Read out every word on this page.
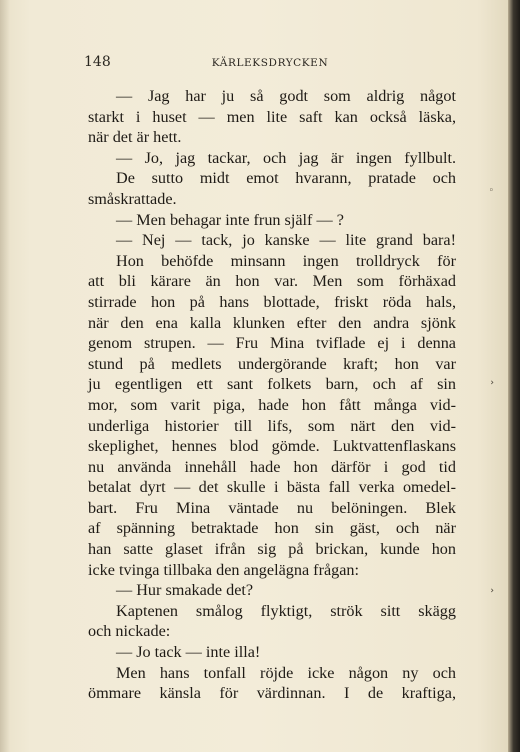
148	KÄRLEKSDRYCKEN
— Jag har ju så godt som aldrig något
starkt i huset — men lite saft kan också läska,
när det är hett.
— Jo, jag tackar, och jag är ingen fyllbult.
De sutto midt emot hvarann, pratade och
småskrattade.
— Men behagar inte frun själf — ?
— Nej — tack, jo kanske — lite grand bara!
Hon behöfde minsann ingen trolldryck för
att bli kärare än hon var. Men som förhäxad
stirrade hon på hans blottade, friskt röda hals,
när den ena kalla klunken efter den andra sjönk
genom strupen. — Fru Mina tviflade ej i denna
stund på medlets undergörande kraft; hon var
ju egentligen ett sant folkets barn, och af sin
mor, som varit piga, hade hon fått många vid-
underliga historier till lifs, som närt den vid-
skeplighet, hennes blod gömde. Luktvattenflaskans
nu använda innehåll hade hon därför i god tid
betalat dyrt — det skulle i bästa fall verka omedel-
bart. Fru Mina väntade nu belöningen. Blek
af spänning betraktade hon sin gäst, och när
han satte glaset ifrån sig på brickan, kunde hon
icke tvinga tillbaka den angelägna frågan:
— Hur smakade det?
Kaptenen smålog flyktigt, strök sitt skägg
och nickade:
— Jo tack — inte illa!
Men hans tonfall röjde icke någon ny och
ömmare känsla för värdinnan. I de kraftiga,
◦
›
›
